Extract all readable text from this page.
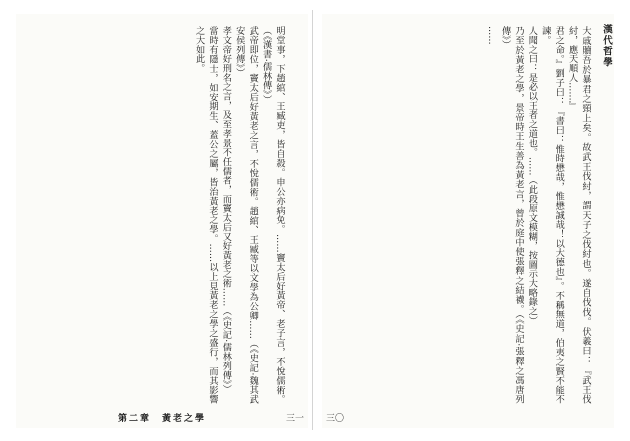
漢代哲學

大戚贖吾於暴君之頸上矣。故武王伐紂，謂天子之伐紂也。遂自伐伐。伏羲曰：『武王伐紂，應天順人……』

君之命。』劉子曰：『書曰：惟時懋哉，惟懋誠哉！以大德也』。不稱無道，伯夷之賢不能不諫。

人聞之曰：是必以王者之道也。……（此段原文模糊，按圖示大略錄之）

乃至於黃老之學，景帝時王生善為黃老言，曾於庭中使張釋之結襪。（《史記·張釋之馮唐列傳》）

……

三〇

明堂事，下趙綰、王臧吏，皆自殺。申公亦病免。……竇太后好黃帝、老子言，不悅儒術。（《漢書·儒林傳》）

武帝即位，竇太后好黃老之言，不悅儒術。趙綰、王臧等以文學為公卿……（《史記·魏其武安侯列傳》）

孝文帝好刑名之言，及至孝景不任儒者，而竇太后又好黃老之術……（《史記·儒林列傳》）

當時有隱士，如安期生、蓋公之屬，皆治黃老之學。……以上見黃老之學之盛行，而其影響之大如此。

第二章　黃老之學	三一
